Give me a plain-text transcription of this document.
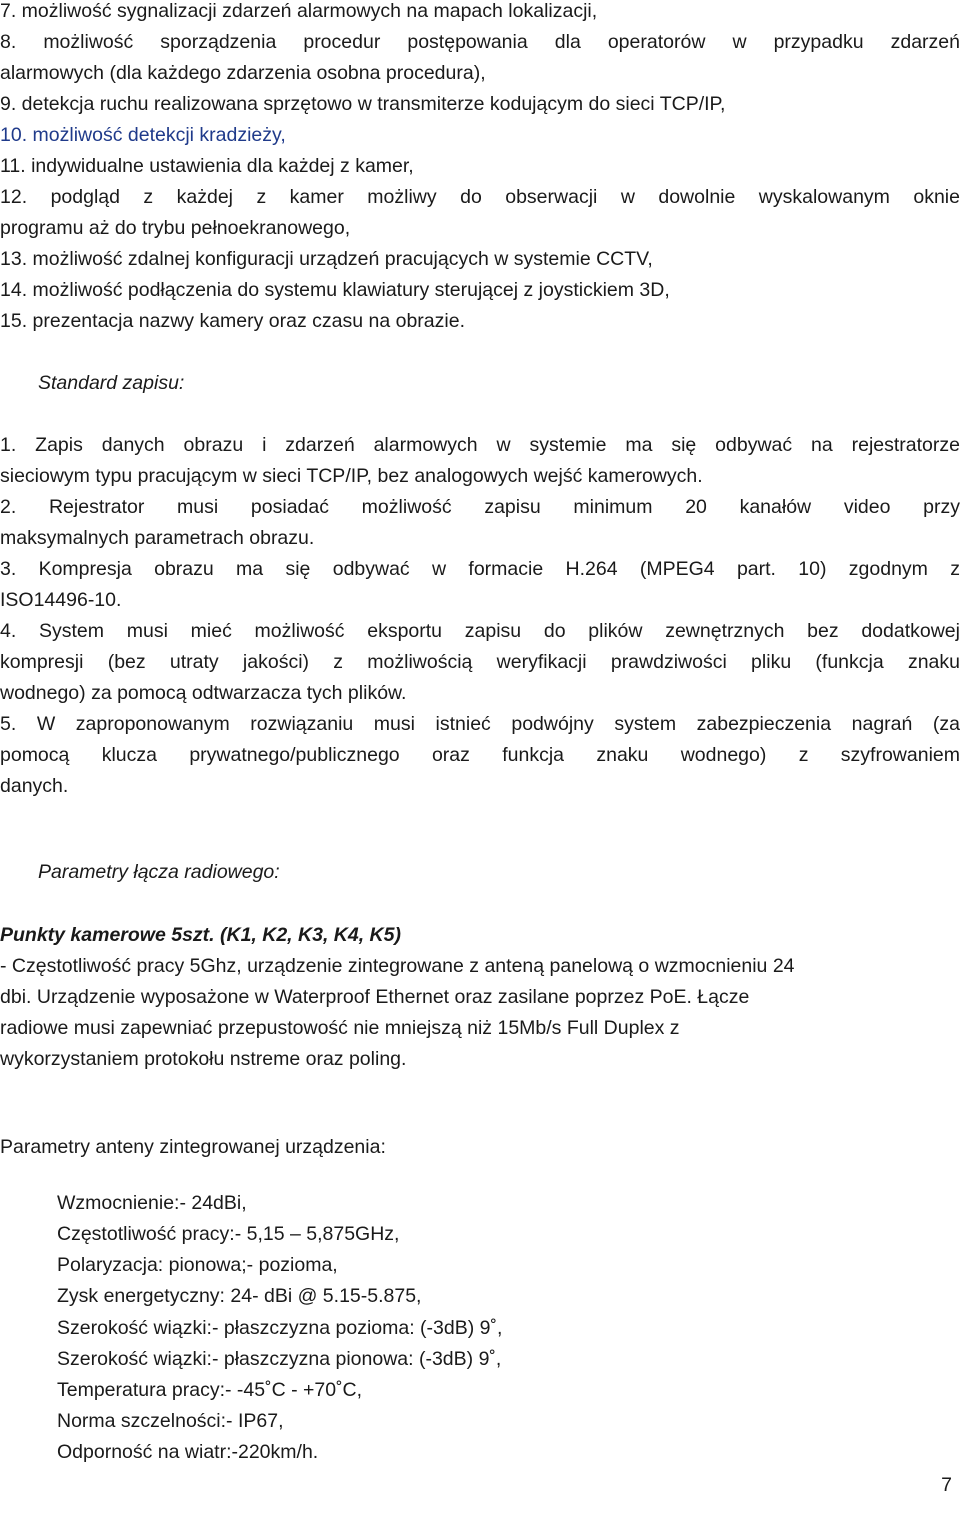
7. możliwość sygnalizacji zdarzeń alarmowych na mapach lokalizacji,
8. możliwość sporządzenia procedur postępowania dla operatorów w przypadku zdarzeń
alarmowych (dla każdego zdarzenia osobna procedura),
9. detekcja ruchu realizowana sprzętowo w transmiterze kodującym do sieci TCP/IP,
10. możliwość detekcji kradzieży,
11. indywidualne ustawienia dla każdej z kamer,
12. podgląd z każdej z kamer możliwy do obserwacji w dowolnie wyskalowanym oknie
programu aż do trybu pełnoekranowego,
13. możliwość zdalnej konfiguracji urządzeń pracujących w systemie CCTV,
14. możliwość podłączenia do systemu klawiatury sterującej z joystickiem 3D,
15. prezentacja nazwy kamery oraz czasu na obrazie.
Standard zapisu:
1. Zapis danych obrazu i zdarzeń alarmowych w systemie ma się odbywać na rejestratorze
sieciowym typu pracującym w sieci TCP/IP, bez analogowych wejść kamerowych.
2. Rejestrator musi posiadać możliwość zapisu minimum 20 kanałów video przy
maksymalnych parametrach obrazu.
3. Kompresja obrazu ma się odbywać w formacie H.264 (MPEG4 part. 10) zgodnym z
ISO14496-10.
4. System musi mieć możliwość eksportu zapisu do plików zewnętrznych bez dodatkowej
kompresji (bez utraty jakości) z możliwością weryfikacji prawdziwości pliku (funkcja znaku
wodnego) za pomocą odtwarzacza tych plików.
5. W zaproponowanym rozwiązaniu musi istnieć podwójny system zabezpieczenia nagrań (za
pomocą klucza prywatnego/publicznego oraz funkcja znaku wodnego) z szyfrowaniem
danych.
Parametry łącza radiowego:
Punkty kamerowe 5szt. (K1, K2, K3, K4, K5)
- Częstotliwość pracy 5Ghz, urządzenie zintegrowane z anteną panelową o wzmocnieniu 24
dbi. Urządzenie wyposażone w Waterproof Ethernet oraz zasilane poprzez PoE. Łącze
radiowe musi zapewniać przepustowość nie mniejszą niż 15Mb/s Full Duplex z
wykorzystaniem protokołu nstreme oraz poling.
Parametry anteny zintegrowanej urządzenia:
Wzmocnienie:- 24dBi,
Częstotliwość pracy:- 5,15 – 5,875GHz,
Polaryzacja: pionowa;- pozioma,
Zysk energetyczny: 24- dBi @ 5.15-5.875,
Szerokość wiązki:- płaszczyzna pozioma: (-3dB) 9˚,
Szerokość wiązki:- płaszczyzna pionowa: (-3dB) 9˚,
Temperatura pracy:- -45˚C - +70˚C,
Norma szczelności:- IP67,
Odporność na wiatr:-220km/h.
7
